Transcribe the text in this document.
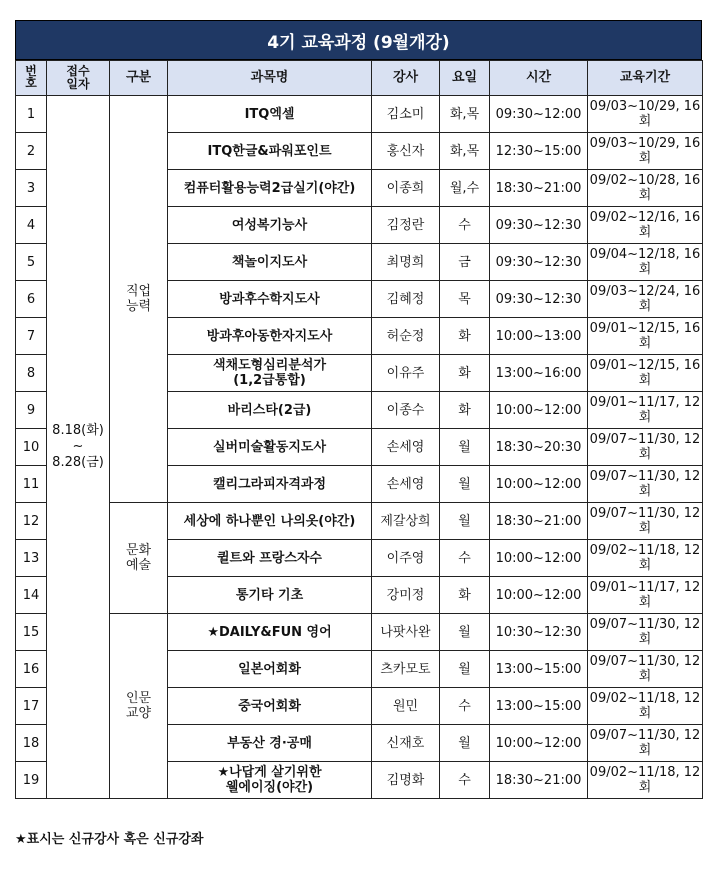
4기 교육과정 (9월개강)
번호	접수일자	구분	과목명	강사	요일	시간	교육기간
1	8.18(화)
~
8.28(금)	직업능력	ITQ엑셀	김소미	화,목	09:30~12:00	09/03~10/29, 16회
2			ITQ한글&파워포인트	홍신자	화,목	12:30~15:00	09/03~10/29, 16회
3			컴퓨터활용능력2급실기(야간)	이종희	월,수	18:30~21:00	09/02~10/28, 16회
4			여성복기능사	김정란	수	09:30~12:30	09/02~12/16, 16회
5			책놀이지도사	최명희	금	09:30~12:30	09/04~12/18, 16회
6			방과후수학지도사	김혜정	목	09:30~12:30	09/03~12/24, 16회
7			방과후아동한자지도사	허순정	화	10:00~13:00	09/01~12/15, 16회
8			색채도형심리분석가
(1,2급통합)	이유주	화	13:00~16:00	09/01~12/15, 16회
9			바리스타(2급)	이종수	화	10:00~12:00	09/01~11/17, 12회
10			실버미술활동지도사	손세영	월	18:30~20:30	09/07~11/30, 12회
11			캘리그라피자격과정	손세영	월	10:00~12:00	09/07~11/30, 12회
12		문화예술	세상에 하나뿐인 나의옷(야간)	제갈상희	월	18:30~21:00	09/07~11/30, 12회
13			퀼트와 프랑스자수	이주영	수	10:00~12:00	09/02~11/18, 12회
14			통기타 기초	강미정	화	10:00~12:00	09/01~11/17, 12회
15		인문교양	★DAILY&FUN 영어	나팟사완	월	10:30~12:30	09/07~11/30, 12회
16			일본어회화	츠카모토	월	13:00~15:00	09/07~11/30, 12회
17			중국어회화	원민	수	13:00~15:00	09/02~11/18, 12회
18			부동산 경·공매	신재호	월	10:00~12:00	09/07~11/30, 12회
19			★나답게 살기위한
웰에이징(야간)	김명화	수	18:30~21:00	09/02~11/18, 12회
★표시는 신규강사 혹은 신규강좌
